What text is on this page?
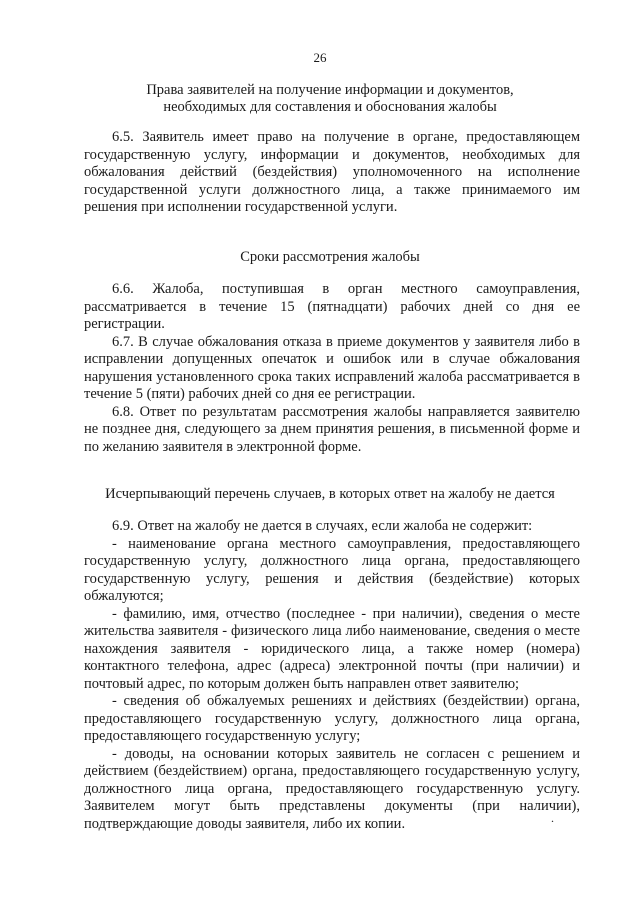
26
Права заявителей на получение информации и документов,
необходимых для составления и обоснования жалобы

6.5. Заявитель имеет право на получение в органе, предоставляющем государственную услугу, информации и документов, необходимых для обжалования действий (бездействия) уполномоченного на исполнение государственной услуги должностного лица, а также принимаемого им решения при исполнении государственной услуги.

Сроки рассмотрения жалобы

6.6. Жалоба, поступившая в орган местного самоуправления, рассматривается в течение 15 (пятнадцати) рабочих дней со дня ее регистрации.

6.7. В случае обжалования отказа в приеме документов у заявителя либо в исправлении допущенных опечаток и ошибок или в случае обжалования нарушения установленного срока таких исправлений жалоба рассматривается в течение 5 (пяти) рабочих дней со дня ее регистрации.

6.8. Ответ по результатам рассмотрения жалобы направляется заявителю не позднее дня, следующего за днем принятия решения, в письменной форме и по желанию заявителя в электронной форме.

Исчерпывающий перечень случаев, в которых ответ на жалобу не дается

6.9. Ответ на жалобу не дается в случаях, если жалоба не содержит:

- наименование органа местного самоуправления, предоставляющего государственную услугу, должностного лица органа, предоставляющего государственную услугу, решения и действия (бездействие) которых обжалуются;

- фамилию, имя, отчество (последнее - при наличии), сведения о месте жительства заявителя - физического лица либо наименование, сведения о месте нахождения заявителя - юридического лица, а также номер (номера) контактного телефона, адрес (адреса) электронной почты (при наличии) и почтовый адрес, по которым должен быть направлен ответ заявителю;

- сведения об обжалуемых решениях и действиях (бездействии) органа, предоставляющего государственную услугу, должностного лица органа, предоставляющего государственную услугу;

- доводы, на основании которых заявитель не согласен с решением и действием (бездействием) органа, предоставляющего государственную услугу, должностного лица органа, предоставляющего государственную услугу. Заявителем могут быть представлены документы (при наличии), подтверждающие доводы заявителя, либо их копии.	.
